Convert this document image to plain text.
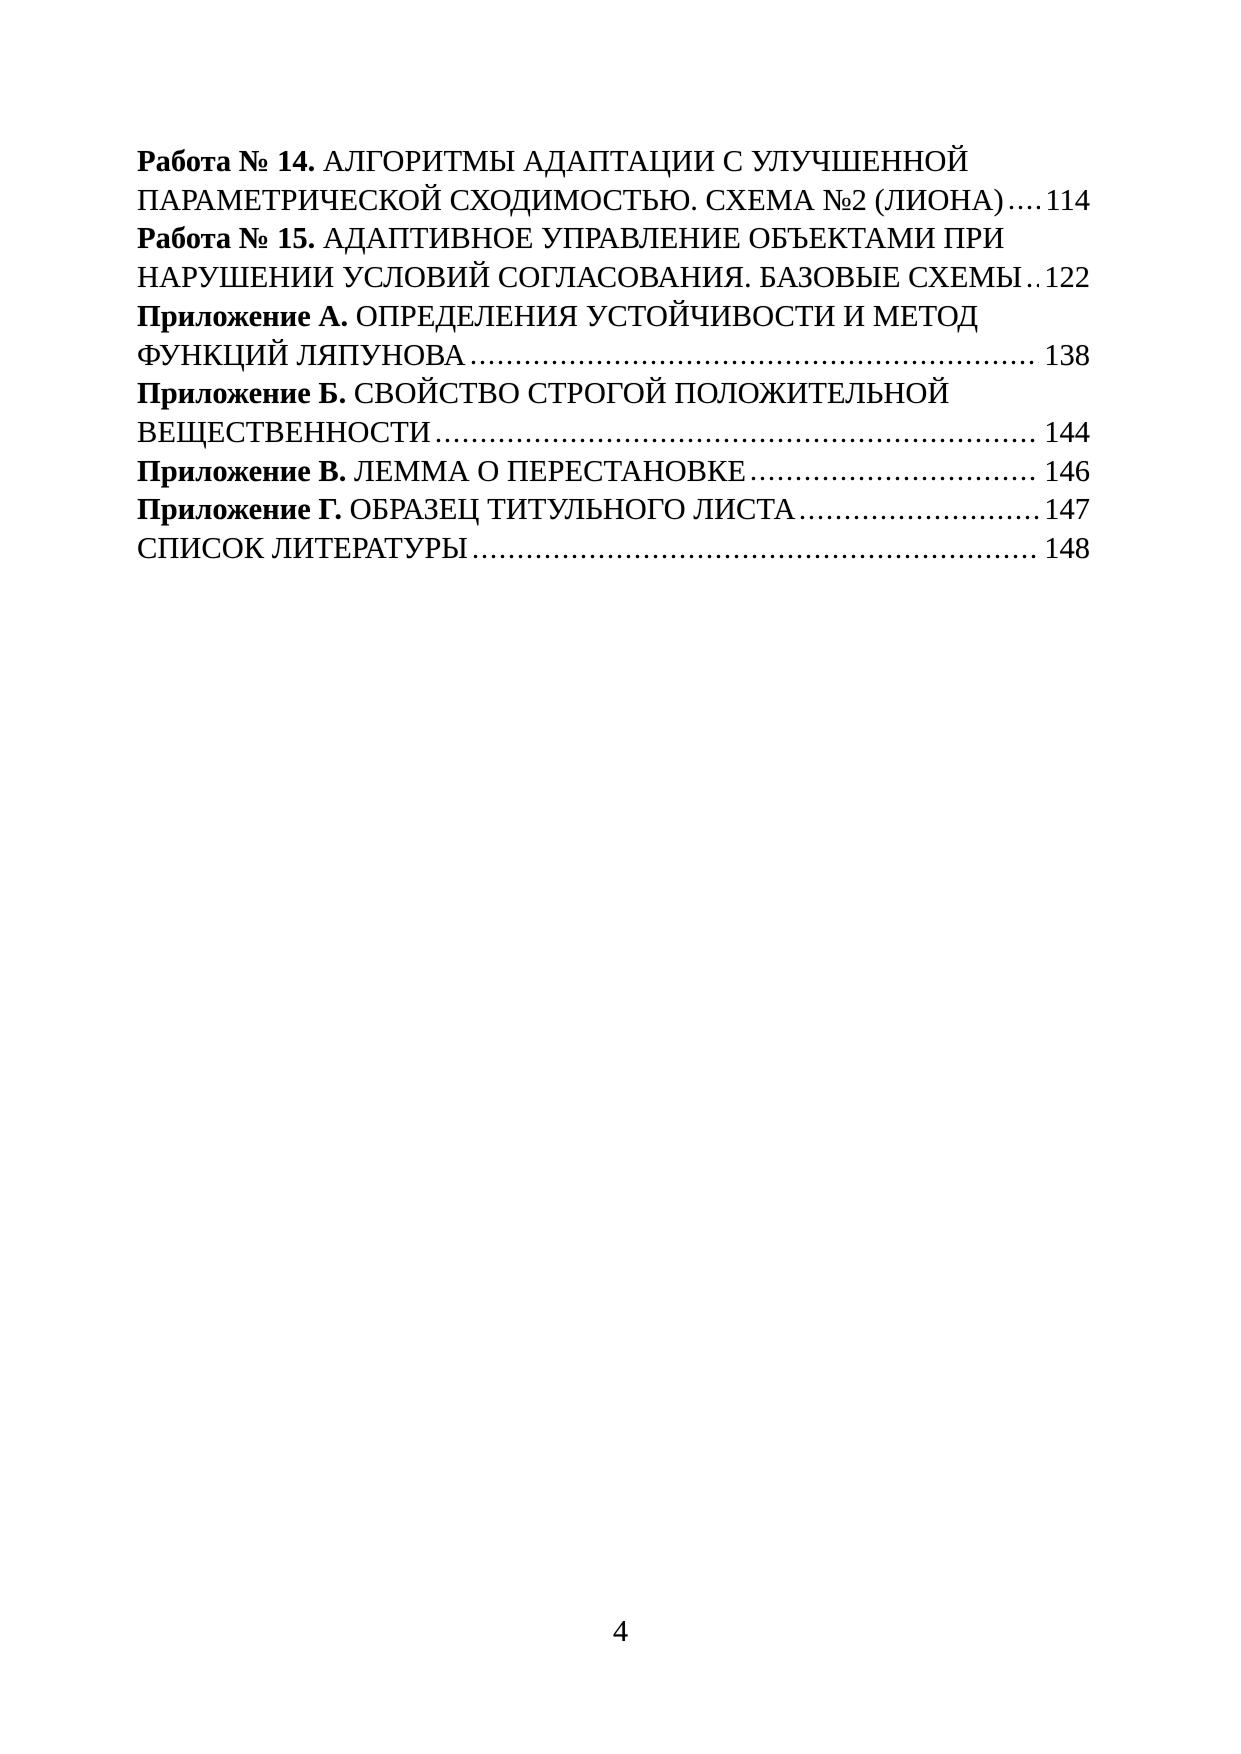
Работа № 14. АЛГОРИТМЫ АДАПТАЦИИ С УЛУЧШЕННОЙ
ПАРАМЕТРИЧЕСКОЙ СХОДИМОСТЬЮ. СХЕМА №2 (ЛИОНА) 114
Работа № 15. АДАПТИВНОЕ УПРАВЛЕНИЕ ОБЪЕКТАМИ ПРИ
НАРУШЕНИИ УСЛОВИЙ СОГЛАСОВАНИЯ. БАЗОВЫЕ СХЕМЫ 122
Приложение А. ОПРЕДЕЛЕНИЯ УСТОЙЧИВОСТИ И МЕТОД
ФУНКЦИЙ ЛЯПУНОВА	138
Приложение Б. СВОЙСТВО СТРОГОЙ ПОЛОЖИТЕЛЬНОЙ
ВЕЩЕСТВЕННОСТИ	144
Приложение В. ЛЕММА О ПЕРЕСТАНОВКЕ	146
Приложение Г. ОБРАЗЕЦ ТИТУЛЬНОГО ЛИСТА	147
СПИСОК ЛИТЕРАТУРЫ	148
4
